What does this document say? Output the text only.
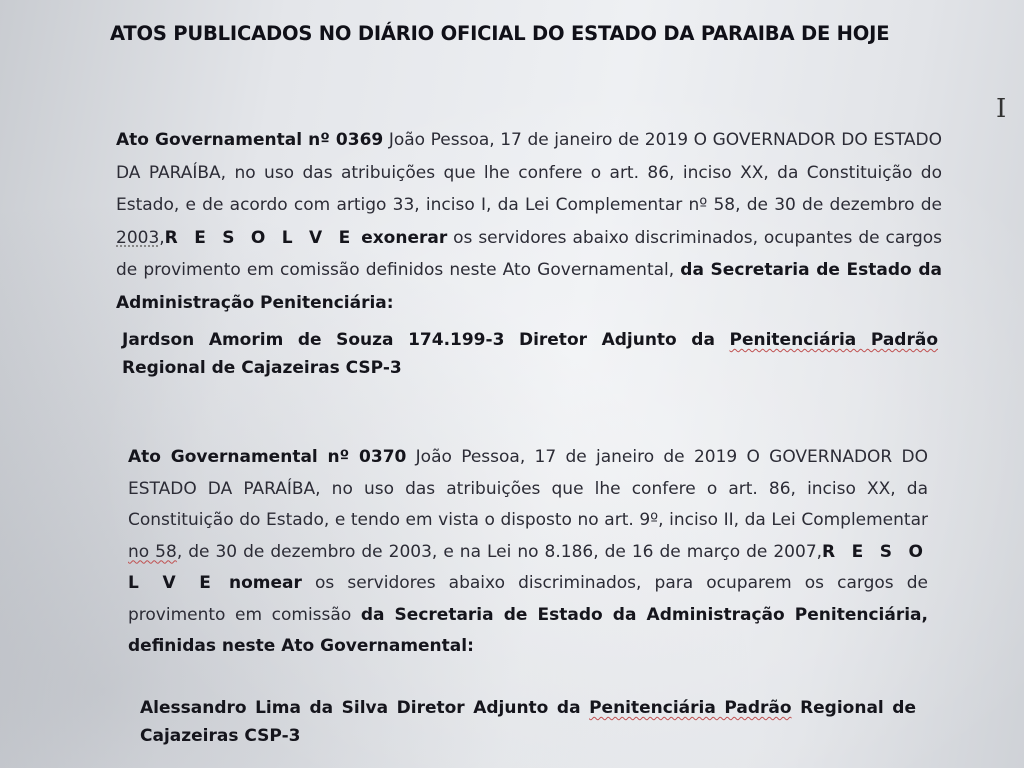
ATOS PUBLICADOS NO DIÁRIO OFICIAL DO ESTADO DA PARAIBA DE HOJE
I

Ato Governamental nº 0369 João Pessoa, 17 de janeiro de 2019 O GOVERNADOR DO ESTADO DA PARAÍBA, no uso das atribuições que lhe confere o art. 86, inciso XX, da Constituição do Estado, e de acordo com artigo 33, inciso I, da Lei Complementar nº 58, de 30 de dezembro de 2003,R E S O L V E exonerar os servidores abaixo discriminados, ocupantes de cargos de provimento em comissão definidos neste Ato Governamental, da Secretaria de Estado da Administração Penitenciária:

Jardson Amorim de Souza 174.199-3 Diretor Adjunto da Penitenciária Padrão Regional de Cajazeiras CSP-3

Ato Governamental nº 0370 João Pessoa, 17 de janeiro de 2019 O GOVERNADOR DO ESTADO DA PARAÍBA, no uso das atribuições que lhe confere o art. 86, inciso XX, da Constituição do Estado, e tendo em vista o disposto no art. 9º, inciso II, da Lei Complementar no 58, de 30 de dezembro de 2003, e na Lei no 8.186, de 16 de março de 2007,R E S O L V E nomear os servidores abaixo discriminados, para ocuparem os cargos de provimento em comissão da Secretaria de Estado da Administração Penitenciária, definidas neste Ato Governamental:

Alessandro Lima da Silva Diretor Adjunto da Penitenciária Padrão Regional de Cajazeiras CSP-3
